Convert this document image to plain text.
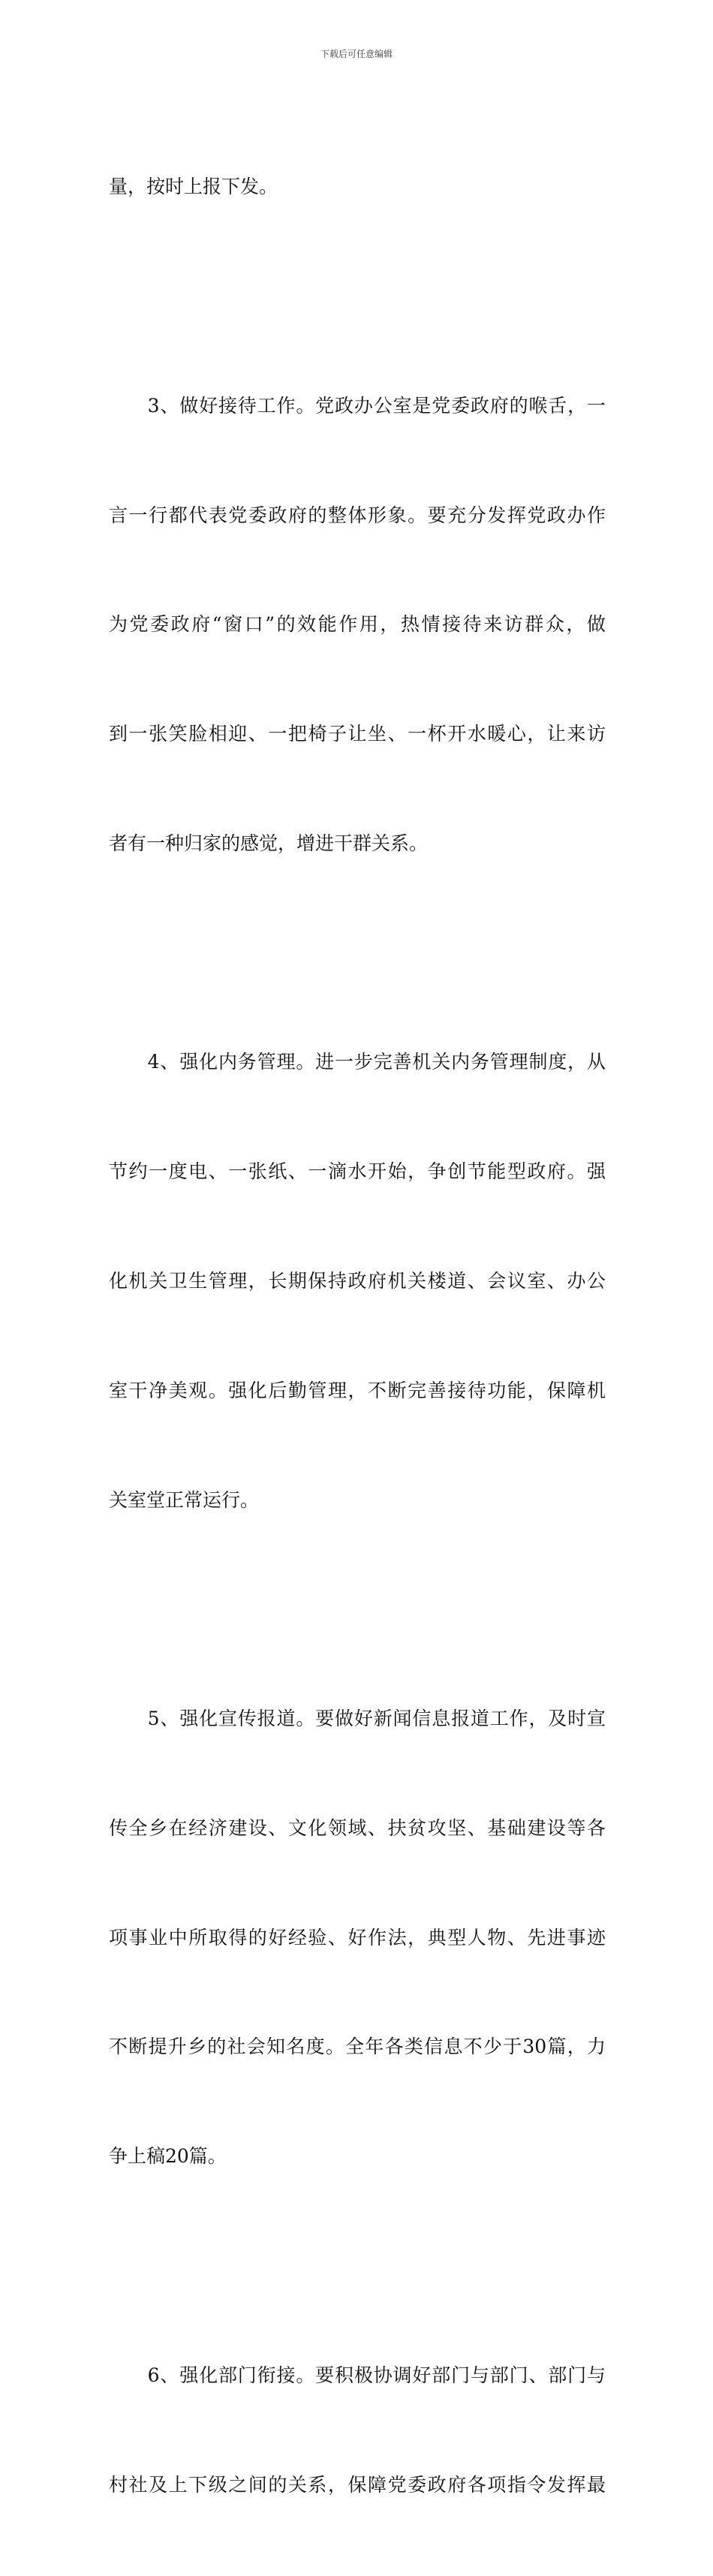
下载后可任意编辑

量，按时上报下发。

　　3、做好接待工作。党政办公室是党委政府的喉舌，一

言一行都代表党委政府的整体形象。要充分发挥党政办作

为党委政府“窗口”的效能作用，热情接待来访群众，做

到一张笑脸相迎、一把椅子让坐、一杯开水暖心，让来访

者有一种归家的感觉，增进干群关系。

　　4、强化内务管理。进一步完善机关内务管理制度，从

节约一度电、一张纸、一滴水开始，争创节能型政府。强

化机关卫生管理，长期保持政府机关楼道、会议室、办公

室干净美观。强化后勤管理，不断完善接待功能，保障机

关室堂正常运行。

　　5、强化宣传报道。要做好新闻信息报道工作，及时宣

传全乡在经济建设、文化领域、扶贫攻坚、基础建设等各

项事业中所取得的好经验、好作法，典型人物、先进事迹

不断提升乡的社会知名度。全年各类信息不少于30篇，力

争上稿20篇。

　　6、强化部门衔接。要积极协调好部门与部门、部门与

村社及上下级之间的关系，保障党委政府各项指令发挥最
